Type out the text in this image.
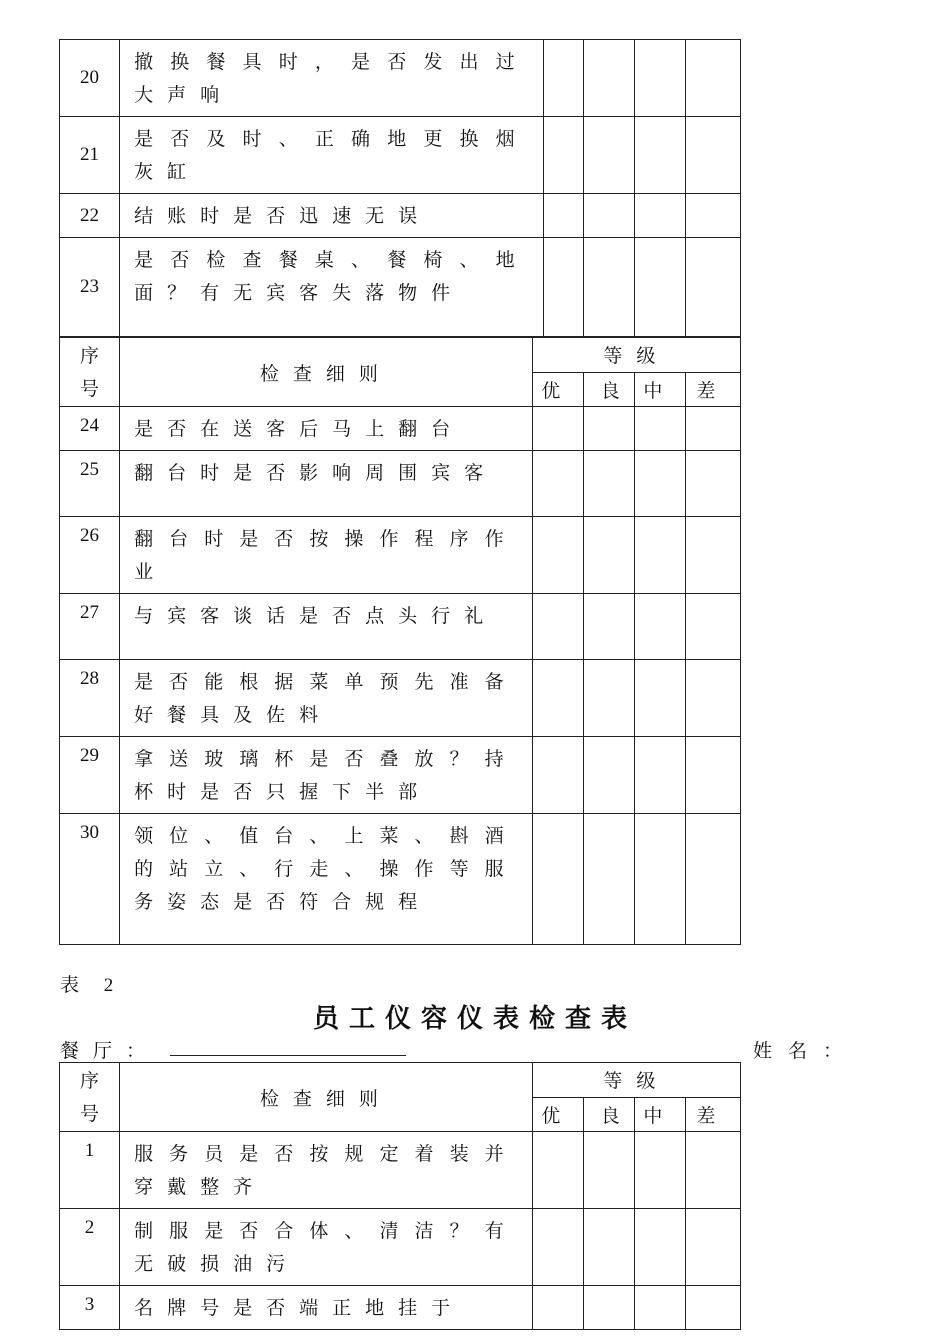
20	撤换餐具时，是否发出过大声响				
21	是否及时、正确地更换烟灰缸				
22	结账时是否迅速无误				
23	是否检查餐桌、餐椅、地面？有无宾客失落物件				
序
号	检查细则	等级			
		优	良	中	差
24	是否在送客后马上翻台				
25	翻台时是否影响周围宾客				
26	翻台时是否按操作程序作业				
27	与宾客谈话是否点头行礼				
28	是否能根据菜单预先准备好餐具及佐料				
29	拿送玻璃杯是否叠放？持杯时是否只握下半部				
30	领位、值台、上菜、斟酒的站立、行走、操作等服务姿态是否符合规程				
表 2
员工仪容仪表检查表
餐厅：	姓名：
序
号	检查细则	等级			
		优	良	中	差
1	服务员是否按规定着装并穿戴整齐				
2	制服是否合体、清洁？有无破损油污				
3	名牌号是否端正地挂于				
